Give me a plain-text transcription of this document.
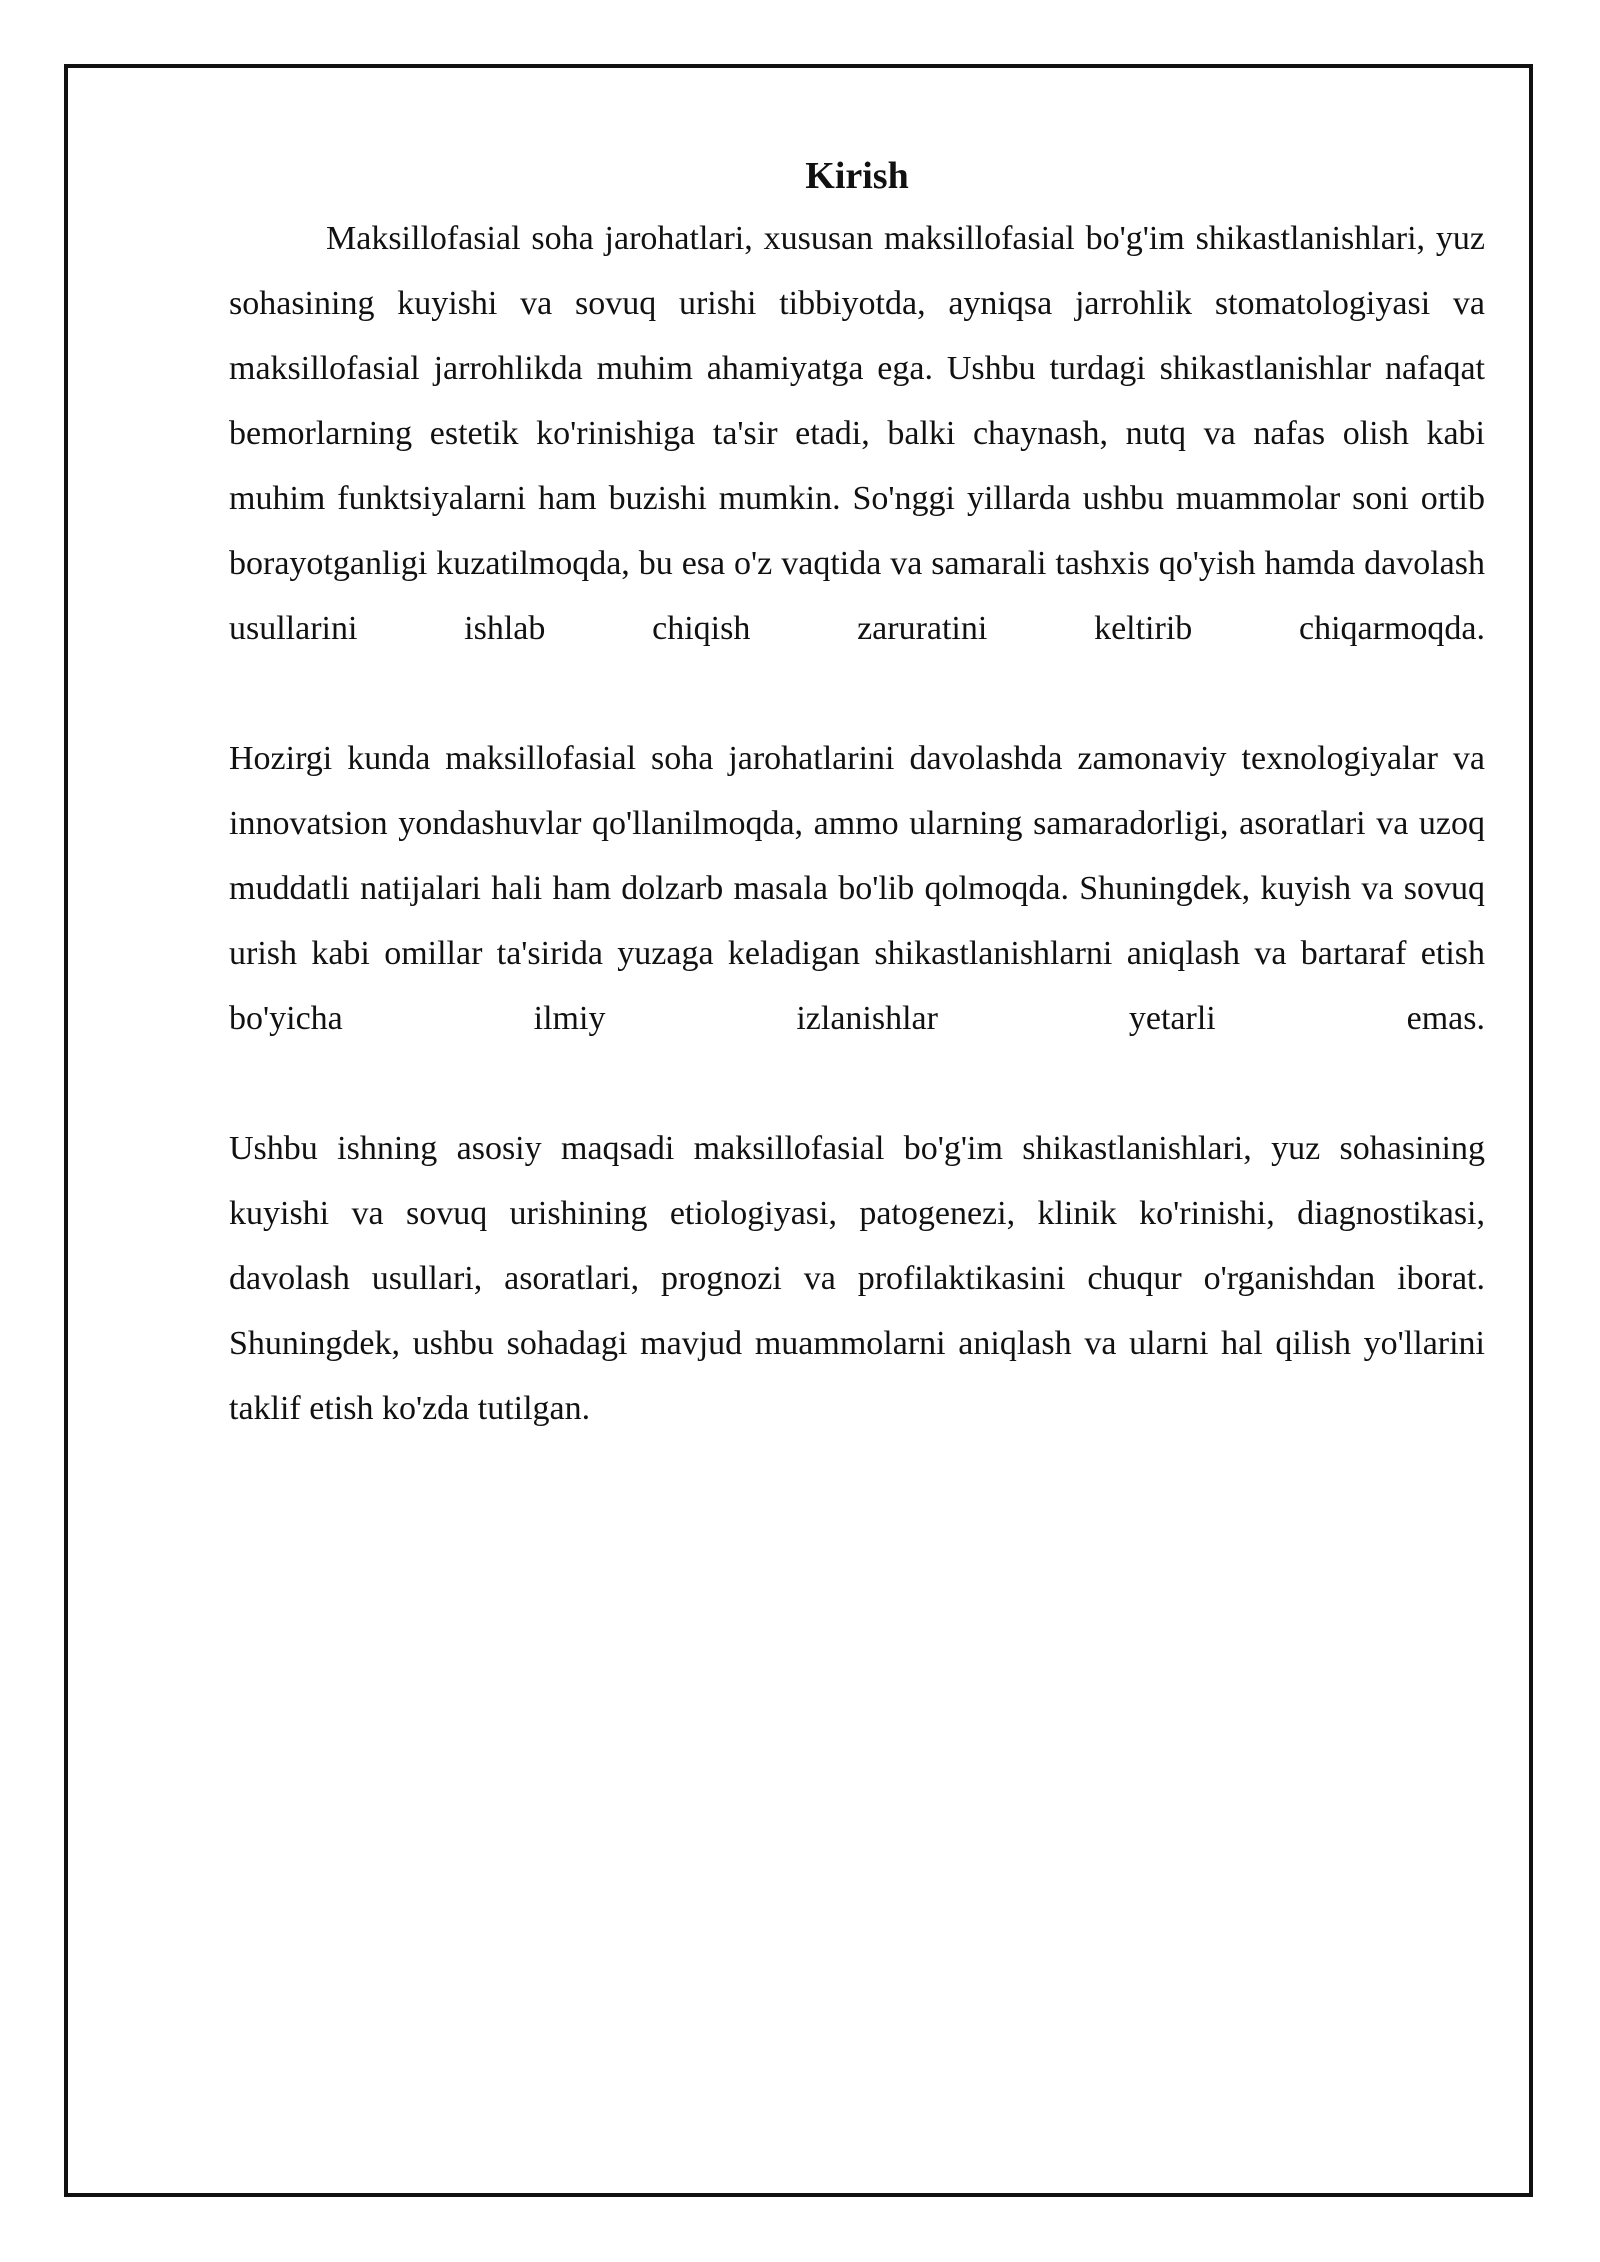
Kirish

Maksillofasial soha jarohatlari, xususan maksillofasial bo'g'im shikastlanishlari, yuz sohasining kuyishi va sovuq urishi tibbiyotda, ayniqsa jarrohlik stomatologiyasi va maksillofasial jarrohlikda muhim ahamiyatga ega. Ushbu turdagi shikastlanishlar nafaqat bemorlarning estetik ko'rinishiga ta'sir etadi, balki chaynash, nutq va nafas olish kabi muhim funktsiyalarni ham buzishi mumkin. So'nggi yillarda ushbu muammolar soni ortib borayotganligi kuzatilmoqda, bu esa o'z vaqtida va samarali tashxis qo'yish hamda davolash usullarini ishlab chiqish zaruratini keltirib chiqarmoqda.

Hozirgi kunda maksillofasial soha jarohatlarini davolashda zamonaviy texnologiyalar va innovatsion yondashuvlar qo'llanilmoqda, ammo ularning samaradorligi, asoratlari va uzoq muddatli natijalari hali ham dolzarb masala bo'lib qolmoqda. Shuningdek, kuyish va sovuq urish kabi omillar ta'sirida yuzaga keladigan shikastlanishlarni aniqlash va bartaraf etish bo'yicha ilmiy izlanishlar yetarli emas.

Ushbu ishning asosiy maqsadi maksillofasial bo'g'im shikastlanishlari, yuz sohasining kuyishi va sovuq urishining etiologiyasi, patogenezi, klinik ko'rinishi, diagnostikasi, davolash usullari, asoratlari, prognozi va profilaktikasini chuqur o'rganishdan iborat. Shuningdek, ushbu sohadagi mavjud muammolarni aniqlash va ularni hal qilish yo'llarini taklif etish ko'zda tutilgan.
